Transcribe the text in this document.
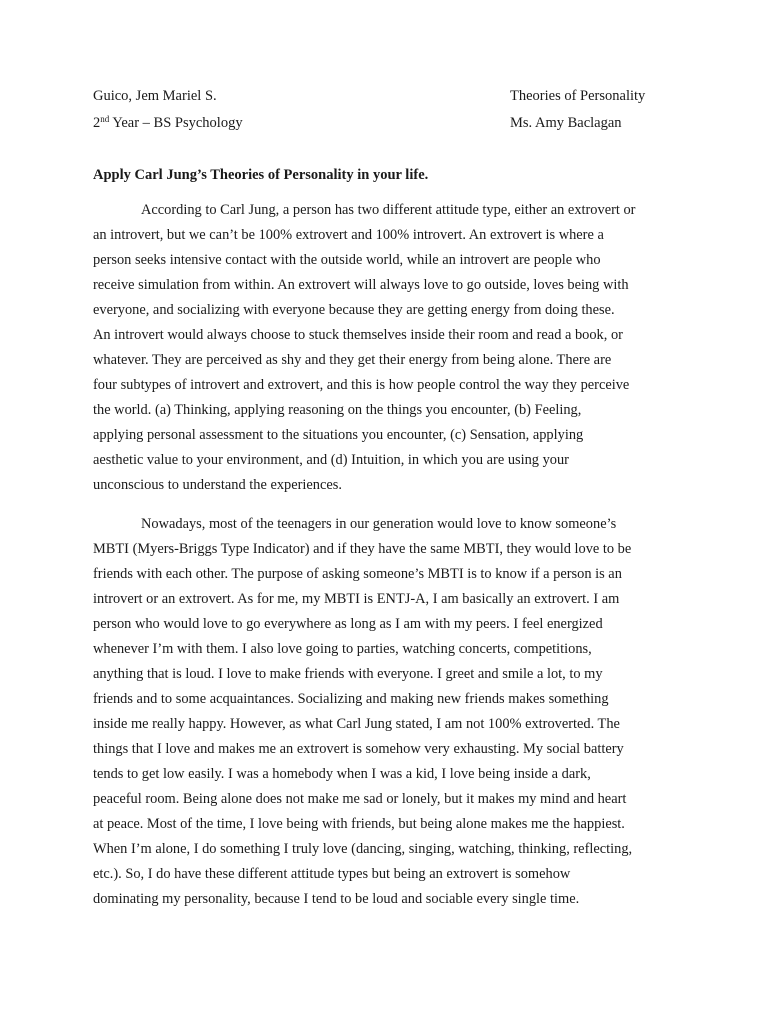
Guico, Jem Mariel S.	Theories of Personality
2nd Year – BS Psychology	Ms. Amy Baclagan
Apply Carl Jung’s Theories of Personality in your life.
According to Carl Jung, a person has two different attitude type, either an extrovert or
an introvert, but we can’t be 100% extrovert and 100% introvert. An extrovert is where a
person seeks intensive contact with the outside world, while an introvert are people who
receive simulation from within. An extrovert will always love to go outside, loves being with
everyone, and socializing with everyone because they are getting energy from doing these.
An introvert would always choose to stuck themselves inside their room and read a book, or
whatever. They are perceived as shy and they get their energy from being alone. There are
four subtypes of introvert and extrovert, and this is how people control the way they perceive
the world. (a) Thinking, applying reasoning on the things you encounter, (b) Feeling,
applying personal assessment to the situations you encounter, (c) Sensation, applying
aesthetic value to your environment, and (d) Intuition, in which you are using your
unconscious to understand the experiences.
Nowadays, most of the teenagers in our generation would love to know someone’s
MBTI (Myers-Briggs Type Indicator) and if they have the same MBTI, they would love to be
friends with each other. The purpose of asking someone’s MBTI is to know if a person is an
introvert or an extrovert. As for me, my MBTI is ENTJ-A, I am basically an extrovert. I am
person who would love to go everywhere as long as I am with my peers. I feel energized
whenever I’m with them. I also love going to parties, watching concerts, competitions,
anything that is loud. I love to make friends with everyone. I greet and smile a lot, to my
friends and to some acquaintances. Socializing and making new friends makes something
inside me really happy. However, as what Carl Jung stated, I am not 100% extroverted. The
things that I love and makes me an extrovert is somehow very exhausting. My social battery
tends to get low easily. I was a homebody when I was a kid, I love being inside a dark,
peaceful room. Being alone does not make me sad or lonely, but it makes my mind and heart
at peace. Most of the time, I love being with friends, but being alone makes me the happiest.
When I’m alone, I do something I truly love (dancing, singing, watching, thinking, reflecting,
etc.). So, I do have these different attitude types but being an extrovert is somehow
dominating my personality, because I tend to be loud and sociable every single time.
